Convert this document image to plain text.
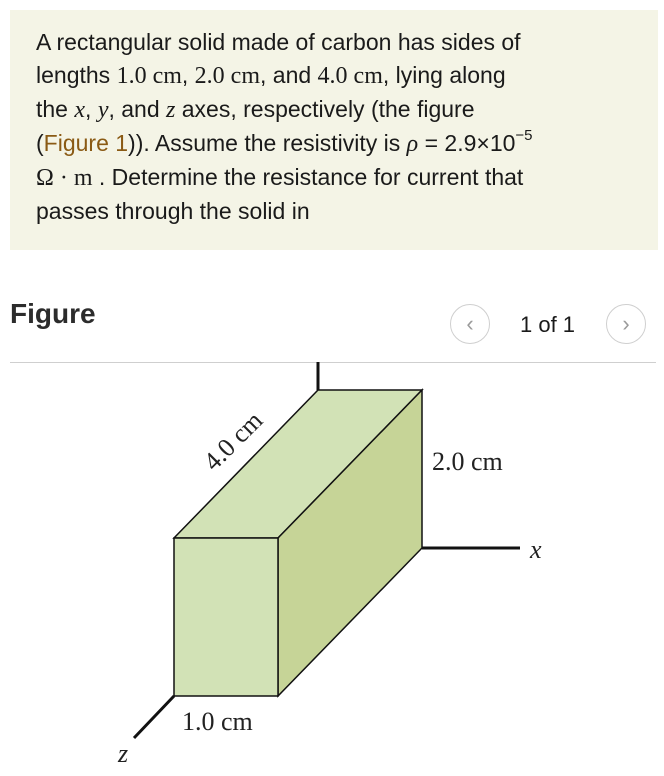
A rectangular solid made of carbon has sides of
lengths 1.0 cm, 2.0 cm, and 4.0 cm, lying along
the x, y, and z axes, respectively (the figure
(Figure 1)). Assume the resistivity is $\rho = 2.9\times 10^{-5}$
Ω · m . Determine the resistance for current that
passes through the solid in
Figure	‹ 1 of 1 ›
4.0 cm	2.0 cm
1.0 cm
x
z
